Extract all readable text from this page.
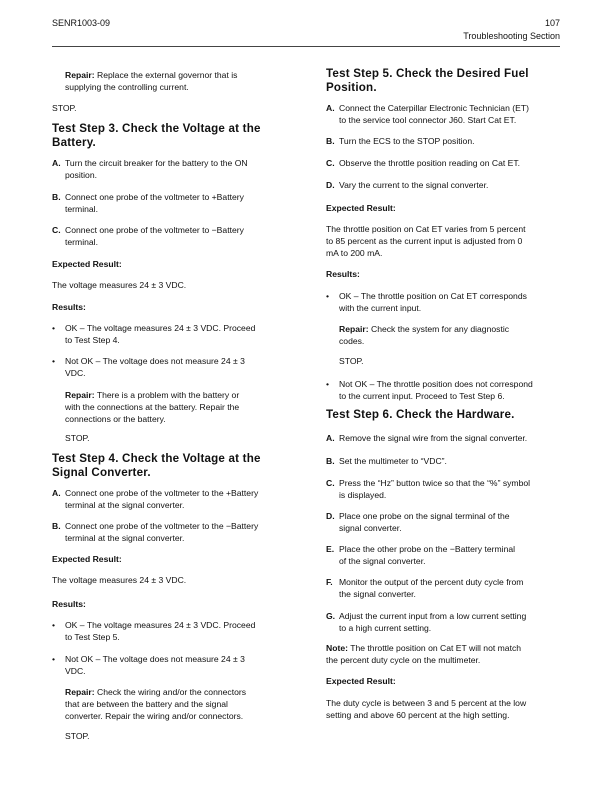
SENR1003-09	107
Troubleshooting Section
Repair: Replace the external governor that is
supplying the controlling current.
STOP.
Test Step 3. Check the Voltage at the
Battery.
A. Turn the circuit breaker for the battery to the ON
position.
B. Connect one probe of the voltmeter to +Battery
terminal.
C. Connect one probe of the voltmeter to −Battery
terminal.
Expected Result:
The voltage measures 24 ± 3 VDC.
Results:
• OK – The voltage measures 24 ± 3 VDC. Proceed
to Test Step 4.
• Not OK – The voltage does not measure 24 ± 3
VDC.
Repair: There is a problem with the battery or
with the connections at the battery. Repair the
connections or the battery.
STOP.
Test Step 4. Check the Voltage at the
Signal Converter.
A. Connect one probe of the voltmeter to the +Battery
terminal at the signal converter.
B. Connect one probe of the voltmeter to the −Battery
terminal at the signal converter.
Expected Result:
The voltage measures 24 ± 3 VDC.
Results:
• OK – The voltage measures 24 ± 3 VDC. Proceed
to Test Step 5.
• Not OK – The voltage does not measure 24 ± 3
VDC.
Repair: Check the wiring and/or the connectors
that are between the battery and the signal
converter. Repair the wiring and/or connectors.
STOP.
Test Step 5. Check the Desired Fuel
Position.
A. Connect the Caterpillar Electronic Technician (ET)
to the service tool connector J60. Start Cat ET.
B. Turn the ECS to the STOP position.
C. Observe the throttle position reading on Cat ET.
D. Vary the current to the signal converter.
Expected Result:
The throttle position on Cat ET varies from 5 percent
to 85 percent as the current input is adjusted from 0
mA to 200 mA.
Results:
• OK – The throttle position on Cat ET corresponds
with the current input.
Repair: Check the system for any diagnostic
codes.
STOP.
• Not OK – The throttle position does not correspond
to the current input. Proceed to Test Step 6.
Test Step 6. Check the Hardware.
A. Remove the signal wire from the signal converter.
B. Set the multimeter to “VDC”.
C. Press the “Hz” button twice so that the “%” symbol
is displayed.
D. Place one probe on the signal terminal of the
signal converter.
E. Place the other probe on the −Battery terminal
of the signal converter.
F. Monitor the output of the percent duty cycle from
the signal converter.
G. Adjust the current input from a low current setting
to a high current setting.
Note: The throttle position on Cat ET will not match
the percent duty cycle on the multimeter.
Expected Result:
The duty cycle is between 3 and 5 percent at the low
setting and above 60 percent at the high setting.
